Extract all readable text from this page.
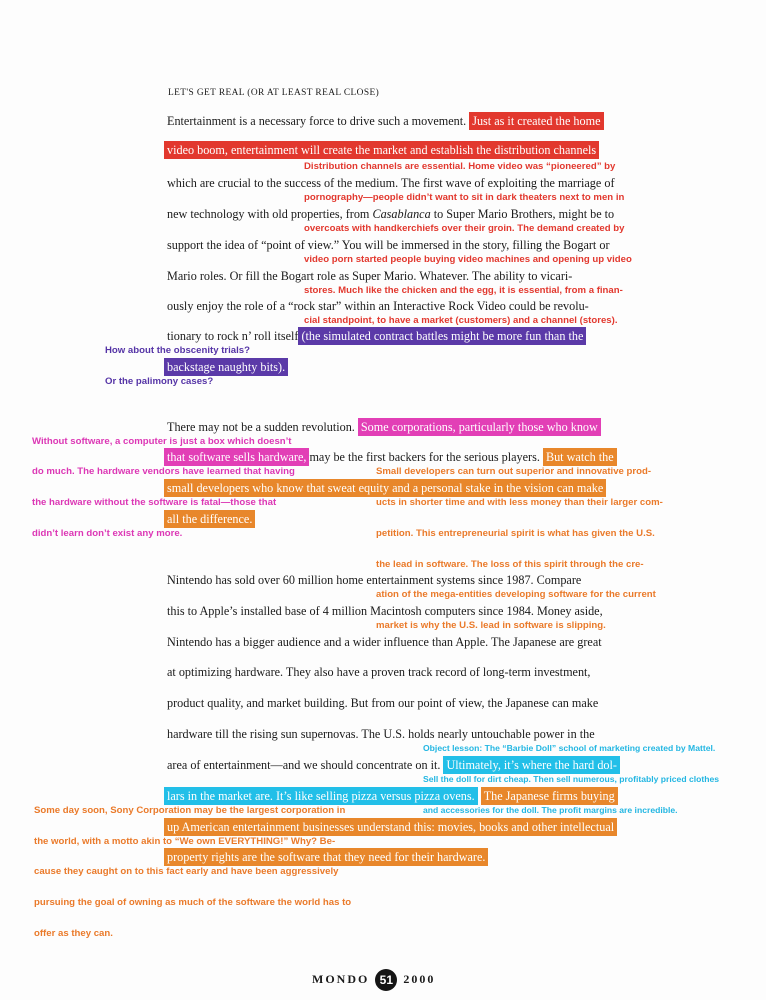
LET'S GET REAL (OR AT LEAST REAL CLOSE)
Entertainment is a necessary force to drive such a movement. Just as it created the home
video boom, entertainment will create the market and establish the distribution channels
Distribution channels are essential. Home video was “pioneered” by
which are crucial to the success of the medium. The first wave of exploiting the marriage of
pornography—people didn’t want to sit in dark theaters next to men in
new technology with old properties, from Casablanca to Super Mario Brothers, might be to
overcoats with handkerchiefs over their groin. The demand created by
support the idea of “point of view.” You will be immersed in the story, filling the Bogart or
video porn started people buying video machines and opening up video
Mario roles. Or fill the Bogart role as Super Mario. Whatever. The ability to vicari-
stores. Much like the chicken and the egg, it is essential, from a finan-
ously enjoy the role of a “rock star” within an Interactive Rock Video could be revolu-
cial standpoint, to have a market (customers) and a channel (stores).
tionary to rock n’ roll itself (the simulated contract battles might be more fun than the
How about the obscenity trials?
backstage naughty bits).
Or the palimony cases?
There may not be a sudden revolution. Some corporations, particularly those who know
Without software, a computer is just a box which doesn’t
that software sells hardware, may be the first backers for the serious players. But watch the
do much. The hardware vendors have learned that having	Small developers can turn out superior and innovative prod-
small developers who know that sweat equity and a personal stake in the vision can make
the hardware without the software is fatal—those that	ucts in shorter time and with less money than their larger com-
all the difference.
didn’t learn don’t exist any more.	petition. This entrepreneurial spirit is what has given the U.S.
the lead in software. The loss of this spirit through the cre-
Nintendo has sold over 60 million home entertainment systems since 1987. Compare
ation of the mega-entities developing software for the current
this to Apple’s installed base of 4 million Macintosh computers since 1984. Money aside,
market is why the U.S. lead in software is slipping.
Nintendo has a bigger audience and a wider influence than Apple. The Japanese are great
at optimizing hardware. They also have a proven track record of long-term investment,
product quality, and market building. But from our point of view, the Japanese can make
hardware till the rising sun supernovas. The U.S. holds nearly untouchable power in the
Object lesson: The “Barbie Doll” school of marketing created by Mattel.
area of entertainment—and we should concentrate on it. Ultimately, it’s where the hard dol-
Sell the doll for dirt cheap. Then sell numerous, profitably priced clothes
lars in the market are. It’s like selling pizza versus pizza ovens. The Japanese firms buying
Some day soon, Sony Corporation may be the largest corporation in	and accessories for the doll. The profit margins are incredible.
up American entertainment businesses understand this: movies, books and other intellectual
the world, with a motto akin to “We own EVERYTHING!” Why? Be-
property rights are the software that they need for their hardware.
cause they caught on to this fact early and have been aggressively
pursuing the goal of owning as much of the software the world has to
offer as they can.
MONDO 51 2000
